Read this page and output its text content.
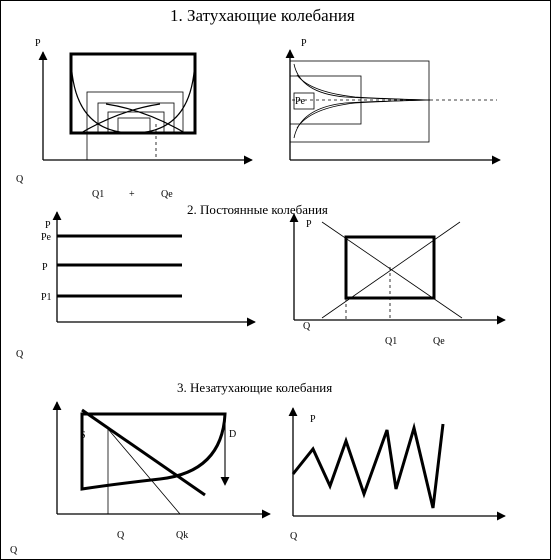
1. Затухающие колебания
2. Постоянные колебания
3. Незатухающие колебания
P	P
Q
Q1 +	Qe
Pe
P
Pe
P
P1
Q
P
Q
Q1	Qe
S	D
Q	Qk
Q
P
Q
